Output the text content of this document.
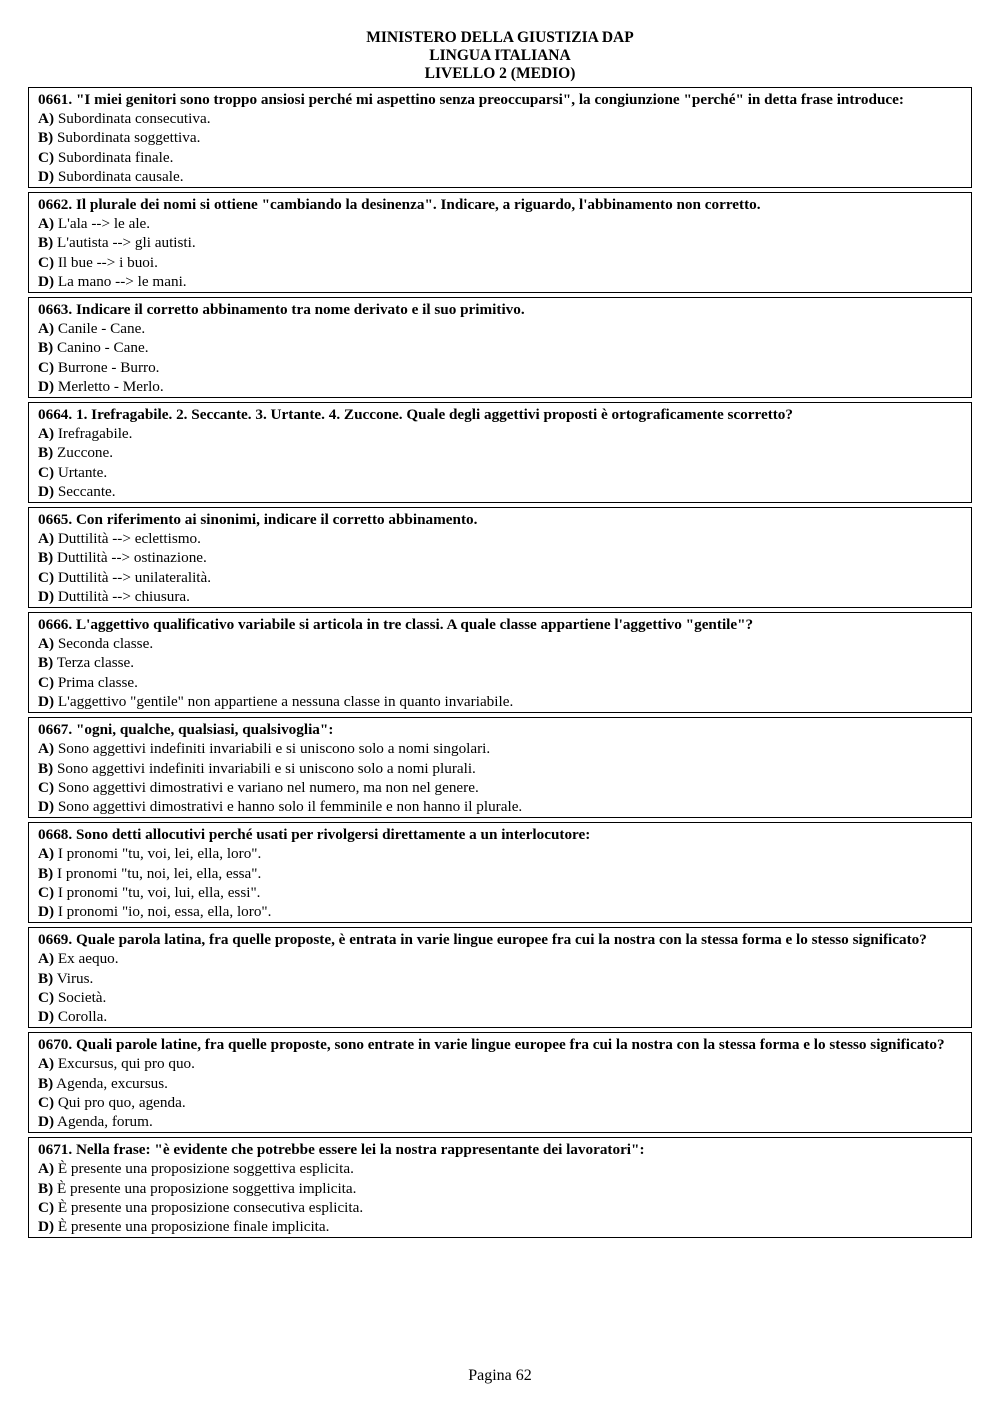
MINISTERO DELLA GIUSTIZIA DAP
LINGUA ITALIANA
LIVELLO 2 (MEDIO)
0661. "I miei genitori sono troppo ansiosi perché mi aspettino senza preoccuparsi", la congiunzione "perché" in detta frase introduce:
A) Subordinata consecutiva.
B) Subordinata soggettiva.
C) Subordinata finale.
D) Subordinata causale.
0662. Il plurale dei nomi si ottiene "cambiando la desinenza". Indicare, a riguardo, l'abbinamento non corretto.
A) L'ala --> le ale.
B) L'autista --> gli autisti.
C) Il bue --> i buoi.
D) La mano --> le mani.
0663. Indicare il corretto abbinamento tra nome derivato e il suo primitivo.
A) Canile - Cane.
B) Canino - Cane.
C) Burrone - Burro.
D) Merletto - Merlo.
0664. 1. Irefragabile. 2. Seccante. 3. Urtante. 4. Zuccone. Quale degli aggettivi proposti è ortograficamente scorretto?
A) Irefragabile.
B) Zuccone.
C) Urtante.
D) Seccante.
0665. Con riferimento ai sinonimi, indicare il corretto abbinamento.
A) Duttilità --> eclettismo.
B) Duttilità --> ostinazione.
C) Duttilità --> unilateralità.
D) Duttilità --> chiusura.
0666. L'aggettivo qualificativo variabile si articola in tre classi. A quale classe appartiene l'aggettivo "gentile"?
A) Seconda classe.
B) Terza classe.
C) Prima classe.
D) L'aggettivo "gentile" non appartiene a nessuna classe in quanto invariabile.
0667. "ogni, qualche, qualsiasi, qualsivoglia":
A) Sono aggettivi indefiniti invariabili e si uniscono solo a nomi singolari.
B) Sono aggettivi indefiniti invariabili e si uniscono solo a nomi plurali.
C) Sono aggettivi dimostrativi e variano nel numero, ma non nel genere.
D) Sono aggettivi dimostrativi e hanno solo il femminile e non hanno il plurale.
0668. Sono detti allocutivi perché usati per rivolgersi direttamente a un interlocutore:
A) I pronomi "tu, voi, lei, ella, loro".
B) I pronomi "tu, noi, lei, ella, essa".
C) I pronomi "tu, voi, lui, ella, essi".
D) I pronomi "io, noi, essa, ella, loro".
0669. Quale parola latina, fra quelle proposte, è entrata in varie lingue europee fra cui la nostra con la stessa forma e lo stesso significato?
A) Ex aequo.
B) Virus.
C) Società.
D) Corolla.
0670. Quali parole latine, fra quelle proposte, sono entrate in varie lingue europee fra cui la nostra con la stessa forma e lo stesso significato?
A) Excursus, qui pro quo.
B) Agenda, excursus.
C) Qui pro quo, agenda.
D) Agenda, forum.
0671. Nella frase: "è evidente che potrebbe essere lei la nostra rappresentante dei lavoratori":
A) È presente una proposizione soggettiva esplicita.
B) È presente una proposizione soggettiva implicita.
C) È presente una proposizione consecutiva esplicita.
D) È presente una proposizione finale implicita.
Pagina 62
